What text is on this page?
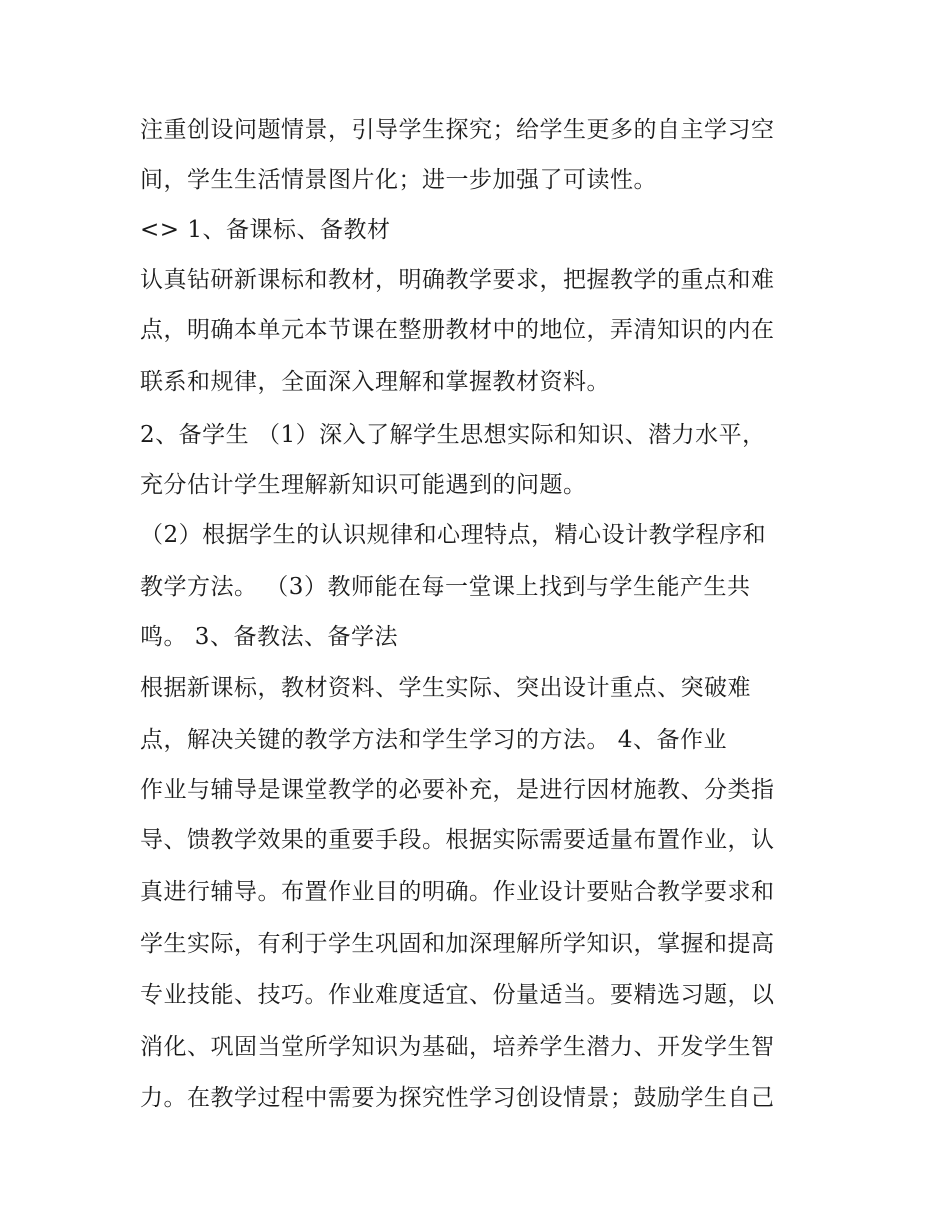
注重创设问题情景，引导学生探究；给学生更多的自主学习空
间，学生生活情景图片化；进一步加强了可读性。
<> 1、备课标、备教材
认真钻研新课标和教材，明确教学要求，把握教学的重点和难
点，明确本单元本节课在整册教材中的地位，弄清知识的内在
联系和规律，全面深入理解和掌握教材资料。
2、备学生 （1）深入了解学生思想实际和知识、潜力水平，
充分估计学生理解新知识可能遇到的问题。
（2）根据学生的认识规律和心理特点，精心设计教学程序和
教学方法。 （3）教师能在每一堂课上找到与学生能产生共
鸣。 3、备教法、备学法
根据新课标，教材资料、学生实际、突出设计重点、突破难
点，解决关键的教学方法和学生学习的方法。 4、备作业
作业与辅导是课堂教学的必要补充，是进行因材施教、分类指
导、馈教学效果的重要手段。根据实际需要适量布置作业，认
真进行辅导。布置作业目的明确。作业设计要贴合教学要求和
学生实际，有利于学生巩固和加深理解所学知识，掌握和提高
专业技能、技巧。作业难度适宜、份量适当。要精选习题，以
消化、巩固当堂所学知识为基础，培养学生潜力、开发学生智
力。在教学过程中需要为探究性学习创设情景；鼓励学生自己
